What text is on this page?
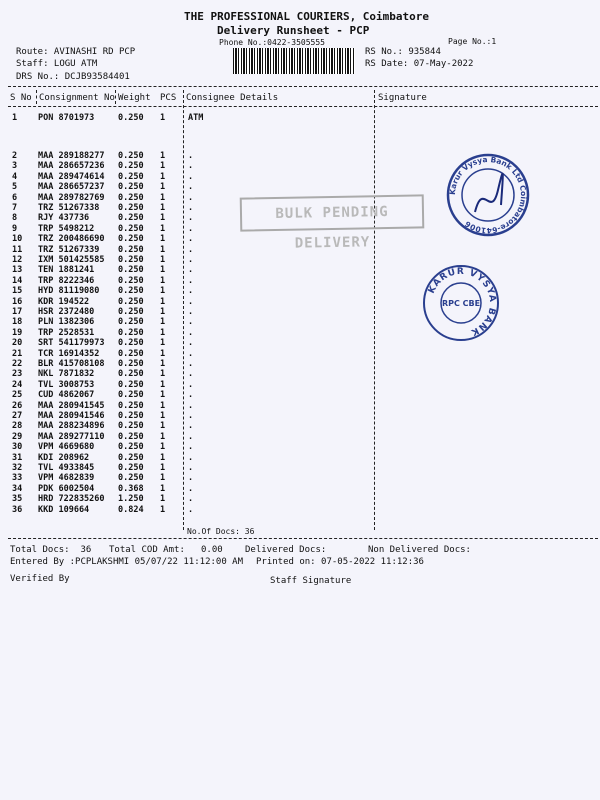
THE PROFESSIONAL COURIERS, Coimbatore
Delivery Runsheet - PCP
Phone No.:0422-3505555	Page No.:1
Route: AVINASHI RD PCP
Staff: LOGU ATM
DRS No.: DCJB93584401
RS No.: 935844
RS Date: 07-May-2022
S No Consignment No Weight PCS Consignee Details	Signature
1 PON 8701973	0.250 1	ATM
2 MAA 289188277 0.250 1	.
3 MAA 286657236 0.250 1	.
4 MAA 289474614 0.250 1	.
5 MAA 286657237 0.250 1	.
6 MAA 289782769 0.250 1	.
7 TRZ 51267338 0.250 1	.
8 RJY 437736	0.250 1	.
9 TRP 5498212	0.250 1	.
10 TRZ 200486690 0.250 1	.
11 TRZ 51267339 0.250 1	.
12 IXM 501425585 0.250 1	.
13 TEN 1881241	0.250 1	.
14 TRP 8222346	0.250 1	.
15 HYD 81119080 0.250 1	.
16 KDR 194522	0.250 1	.
17 HSR 2372480	0.250 1	.
18 PLN 1382306	0.250 1	.
19 TRP 2528531	0.250 1	.
20 SRT 541179973 0.250 1	.
21 TCR 16914352 0.250 1	.
22 BLR 415708108 0.250 1	.
23 NKL 7871832	0.250 1	.
24 TVL 3008753	0.250 1	.
25 CUD 4862067	0.250 1	.
26 MAA 280941545 0.250 1	.
27 MAA 280941546 0.250 1	.
28 MAA 288234896 0.250 1	.
29 MAA 289277110 0.250 1	.
30 VPM 4669680	0.250 1	.
31 KDI 208962	0.250 1	.
32 TVL 4933845	0.250 1	.
33 VPM 4682839	0.250 1	.
34 PDK 6002504	0.368 1	.
35 HRD 722835260 1.250 1	.
36 KKD 109664	0.824 1	.
No.Of Docs: 36
BULK PENDING DELIVERY
Karur Vysya Bank Ltd Coimbatore-641006
KARUR VYSYA BANK
RPC CBE
Total Docs:  36 Total COD Amt: 0.00 Delivered Docs:	Non Delivered Docs:
Entered By :PCPLAKSHMI 05/07/22 11:12:00 AM Printed on: 07-05-2022 11:12:36
Verified By	Staff Signature
